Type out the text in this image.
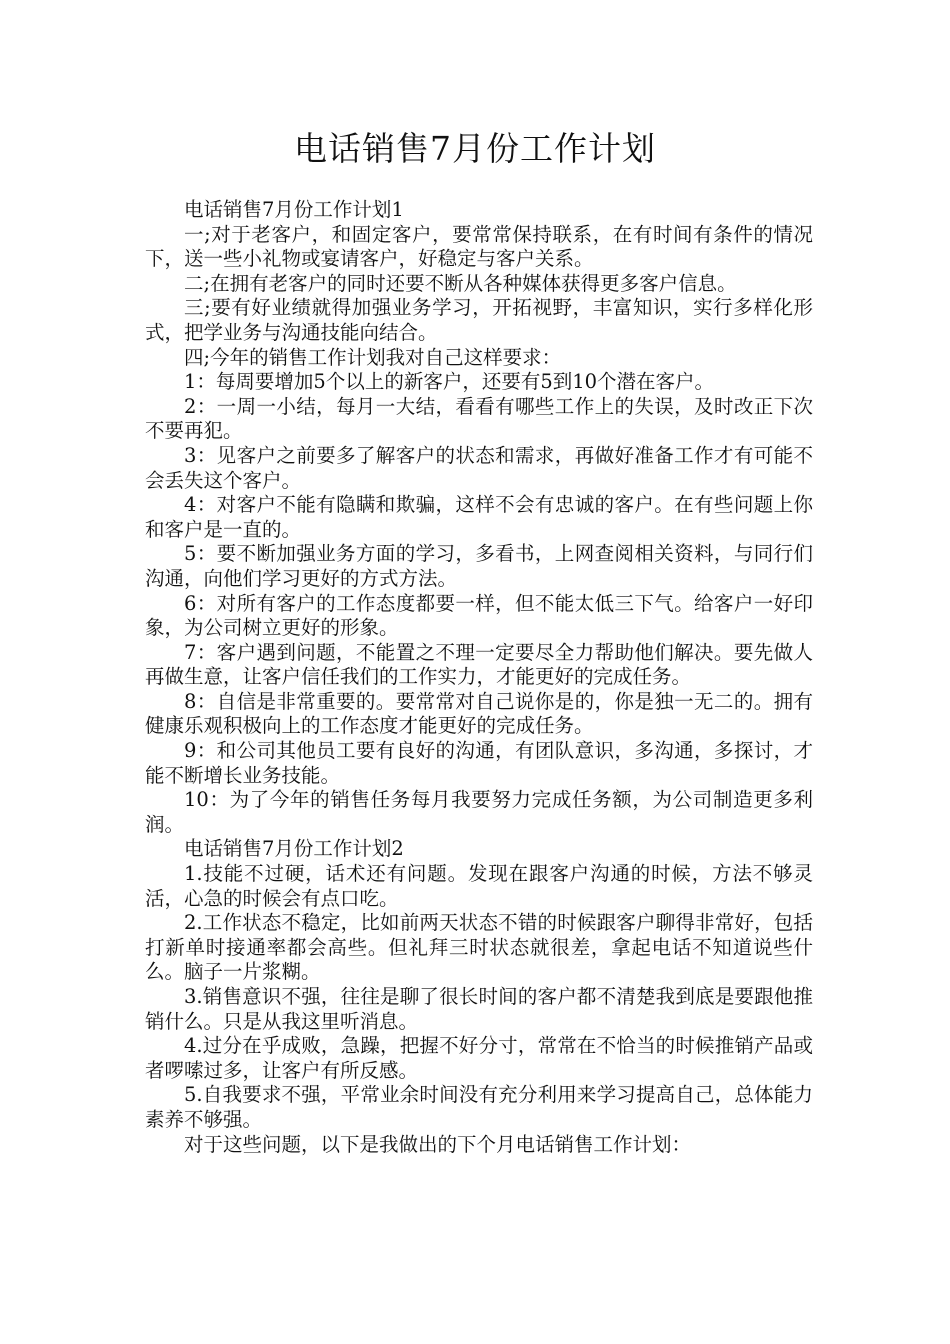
电话销售7月份工作计划

电话销售7月份工作计划1

一;对于老客户，和固定客户，要常常保持联系，在有时间有条件的情况下，送一些小礼物或宴请客户，好稳定与客户关系。

二;在拥有老客户的同时还要不断从各种媒体获得更多客户信息。

三;要有好业绩就得加强业务学习，开拓视野，丰富知识，实行多样化形式，把学业务与沟通技能向结合。

四;今年的销售工作计划我对自己这样要求：

1：每周要增加5个以上的新客户，还要有5到10个潜在客户。

2：一周一小结，每月一大结，看看有哪些工作上的失误，及时改正下次不要再犯。

3：见客户之前要多了解客户的状态和需求，再做好准备工作才有可能不会丢失这个客户。

4：对客户不能有隐瞒和欺骗，这样不会有忠诚的客户。在有些问题上你和客户是一直的。

5：要不断加强业务方面的学习，多看书，上网查阅相关资料，与同行们沟通，向他们学习更好的方式方法。

6：对所有客户的工作态度都要一样，但不能太低三下气。给客户一好印象，为公司树立更好的形象。

7：客户遇到问题，不能置之不理一定要尽全力帮助他们解决。要先做人再做生意，让客户信任我们的工作实力，才能更好的完成任务。

8：自信是非常重要的。要常常对自己说你是的，你是独一无二的。拥有健康乐观积极向上的工作态度才能更好的完成任务。

9：和公司其他员工要有良好的沟通，有团队意识，多沟通，多探讨，才能不断增长业务技能。

10：为了今年的销售任务每月我要努力完成任务额，为公司制造更多利润。

电话销售7月份工作计划2

1.技能不过硬，话术还有问题。发现在跟客户沟通的时候，方法不够灵活，心急的时候会有点口吃。

2.工作状态不稳定，比如前两天状态不错的时候跟客户聊得非常好，包括打新单时接通率都会高些。但礼拜三时状态就很差，拿起电话不知道说些什么。脑子一片浆糊。

3.销售意识不强，往往是聊了很长时间的客户都不清楚我到底是要跟他推销什么。只是从我这里听消息。

4.过分在乎成败，急躁，把握不好分寸，常常在不恰当的时候推销产品或者啰嗦过多，让客户有所反感。

5.自我要求不强，平常业余时间没有充分利用来学习提高自己，总体能力素养不够强。

对于这些问题，以下是我做出的下个月电话销售工作计划：
